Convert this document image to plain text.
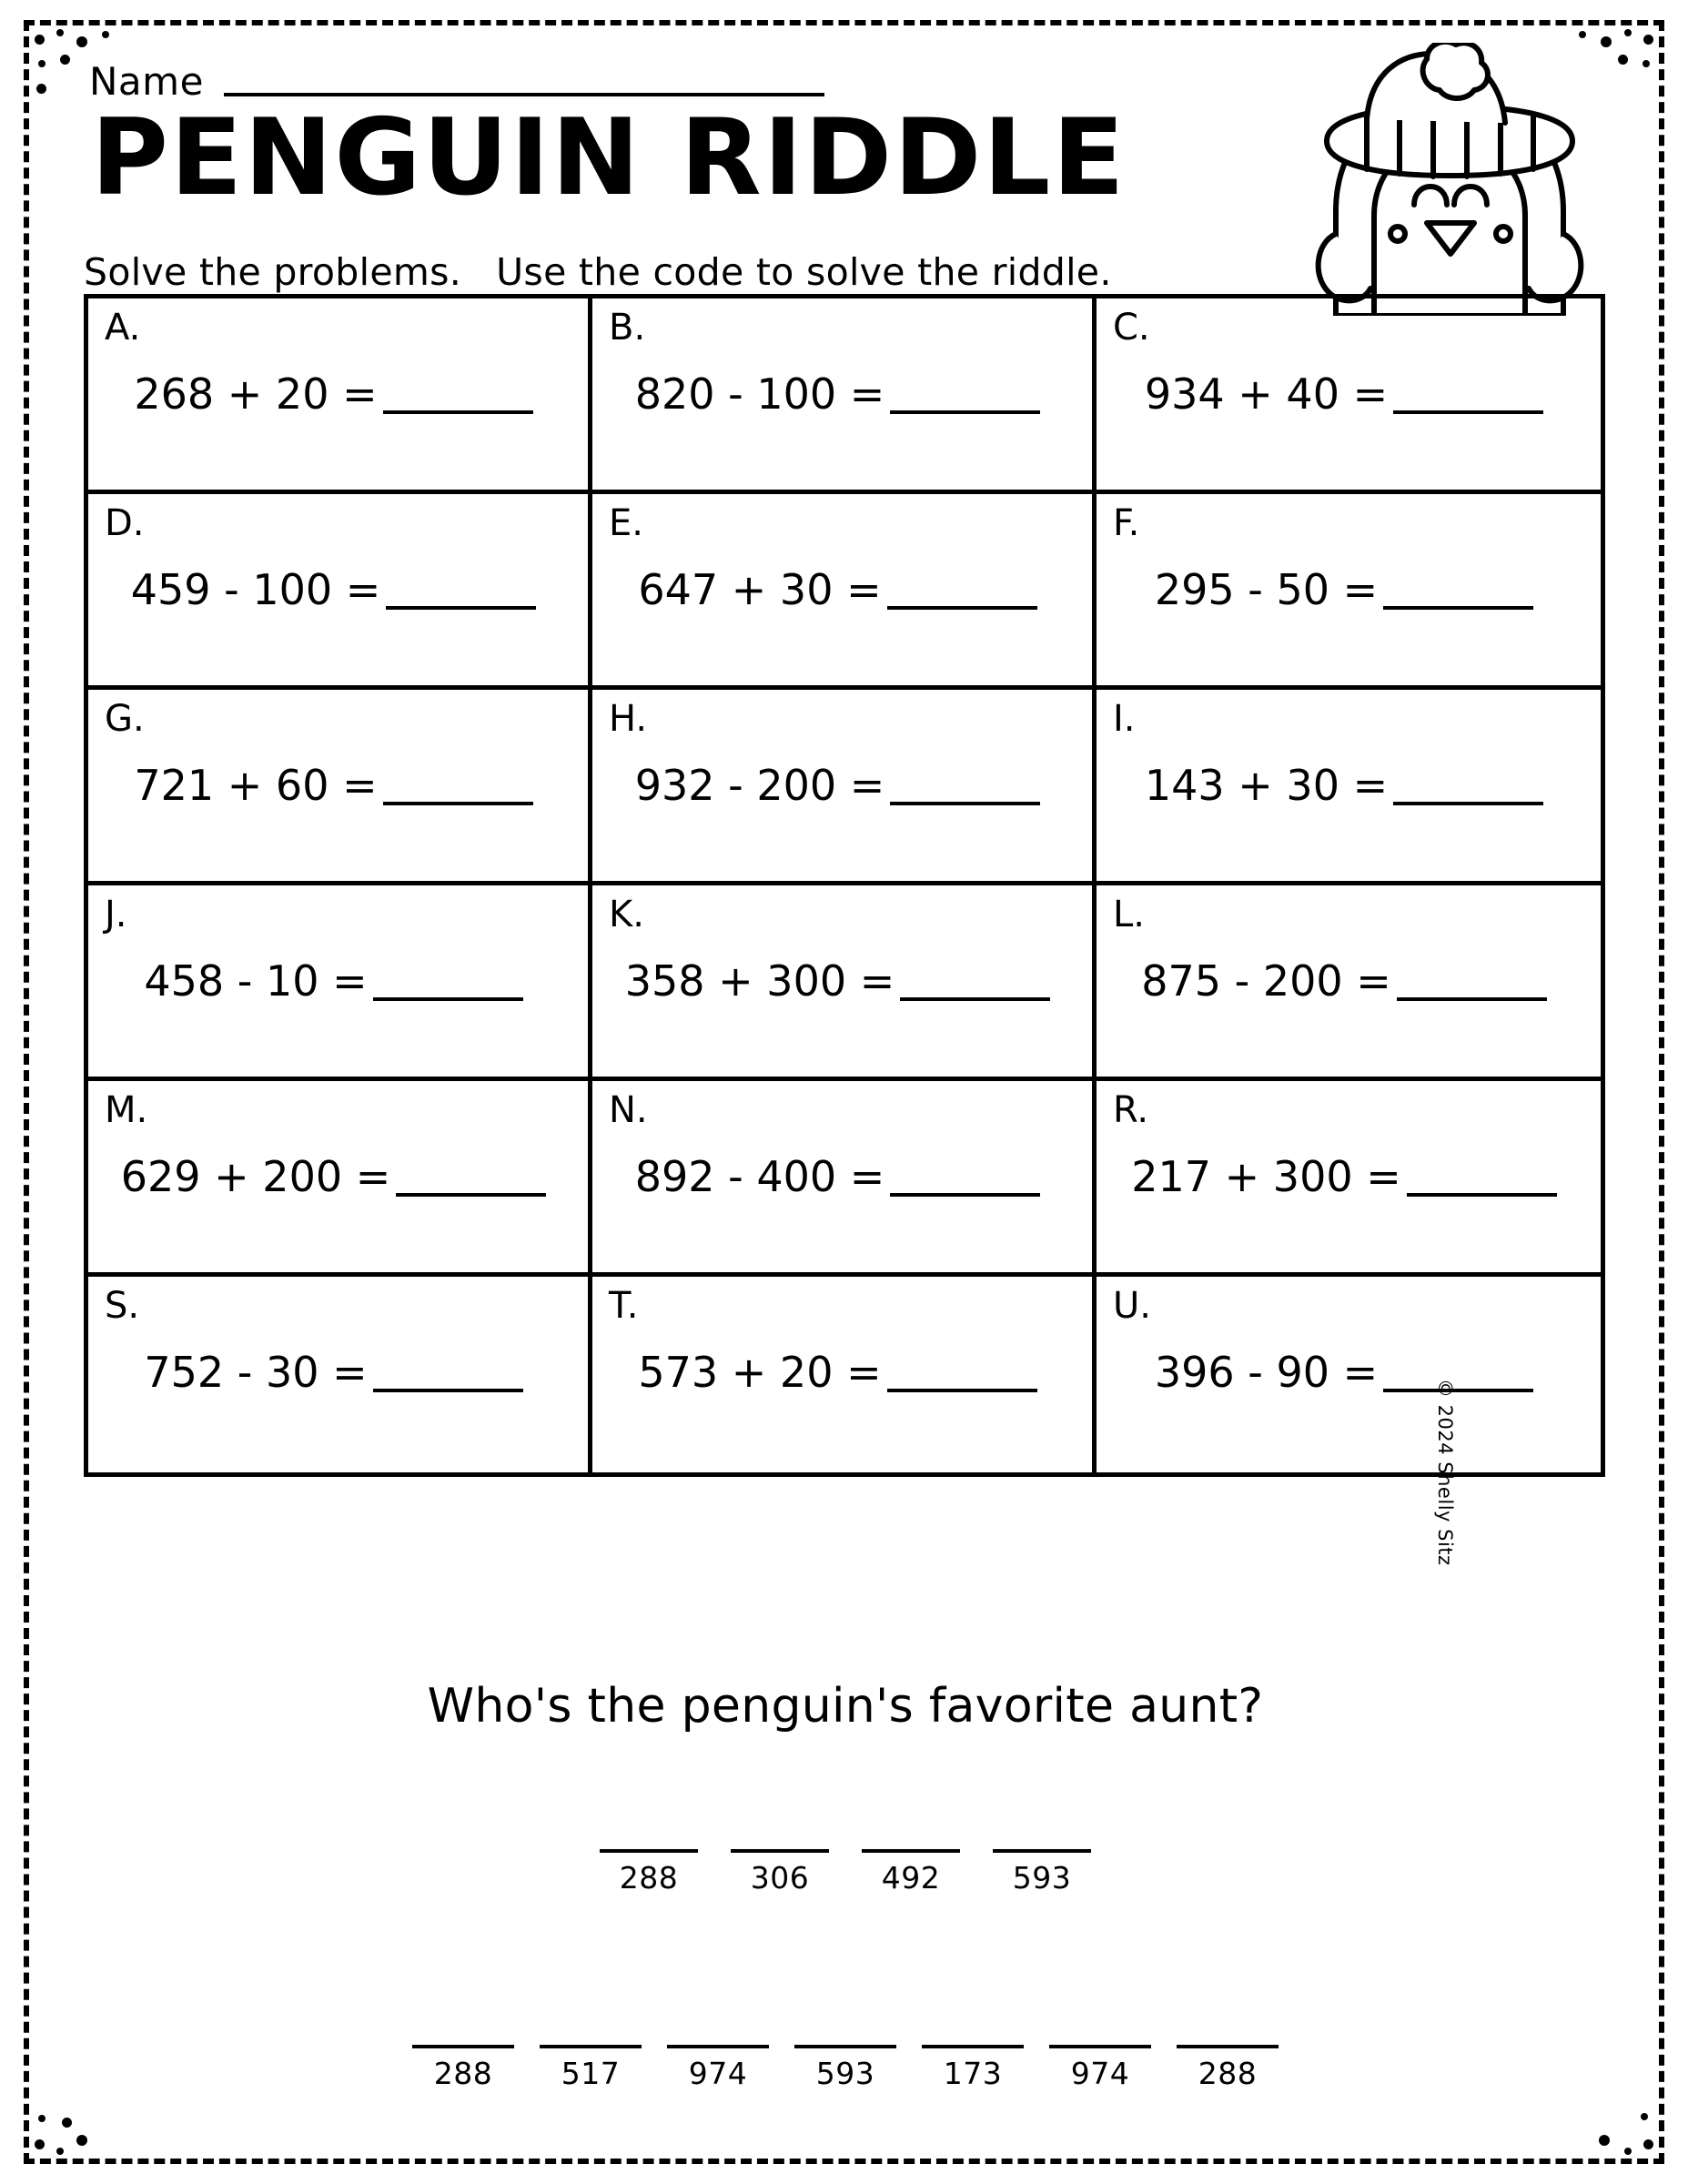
Name
PENGUIN RIDDLE
Solve the problems. Use the code to solve the riddle.
A.
268 + 20 =
B.
820 - 100 =
C.
934 + 40 =
D.
459 - 100 =
E.
647 + 30 =
F.
295 - 50 =
G.
721 + 60 =
H.
932 - 200 =
I.
143 + 30 =
J.
458 - 10 =
K.
358 + 300 =
L.
875 - 200 =
M.
629 + 200 =
N.
892 - 400 =
R.
217 + 300 =
S.
752 - 30 =
T.
573 + 20 =
U.
396 - 90 =
© 2024 Shelly Sitz
Who's the penguin's favorite aunt?
288	306	492	593
288	517	974	593	173	974	288
